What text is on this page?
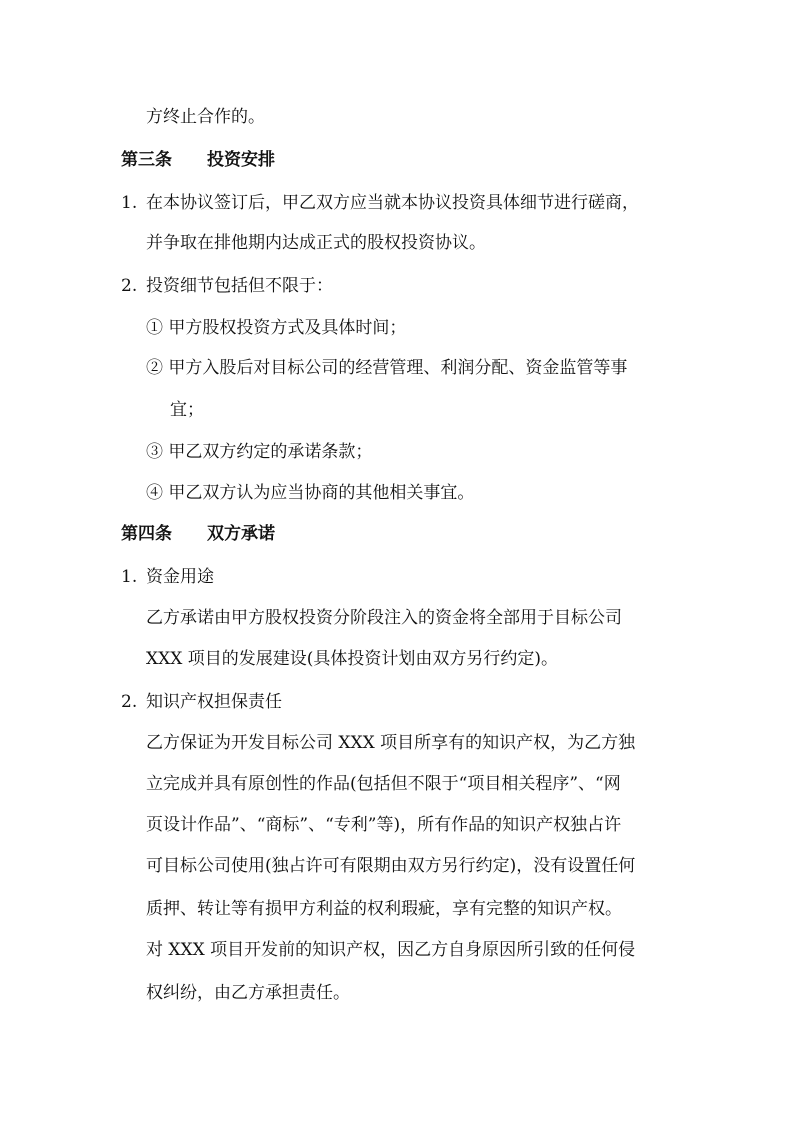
方终止合作的。
第三条 投资安排
1. 在本协议签订后，甲乙双方应当就本协议投资具体细节进行磋商，
并争取在排他期内达成正式的股权投资协议。
2. 投资细节包括但不限于：
① 甲方股权投资方式及具体时间；
② 甲方入股后对目标公司的经营管理、利润分配、资金监管等事
宜；
③ 甲乙双方约定的承诺条款；
④ 甲乙双方认为应当协商的其他相关事宜。
第四条 双方承诺
1. 资金用途
乙方承诺由甲方股权投资分阶段注入的资金将全部用于目标公司
XXX 项目的发展建设(具体投资计划由双方另行约定)。
2. 知识产权担保责任
乙方保证为开发目标公司 XXX 项目所享有的知识产权，为乙方独
立完成并具有原创性的作品(包括但不限于“项目相关程序”、“网
页设计作品”、“商标”、“专利”等)，所有作品的知识产权独占许
可目标公司使用(独占许可有限期由双方另行约定)，没有设置任何
质押、转让等有损甲方利益的权利瑕疵，享有完整的知识产权。
对 XXX 项目开发前的知识产权，因乙方自身原因所引致的任何侵
权纠纷，由乙方承担责任。
